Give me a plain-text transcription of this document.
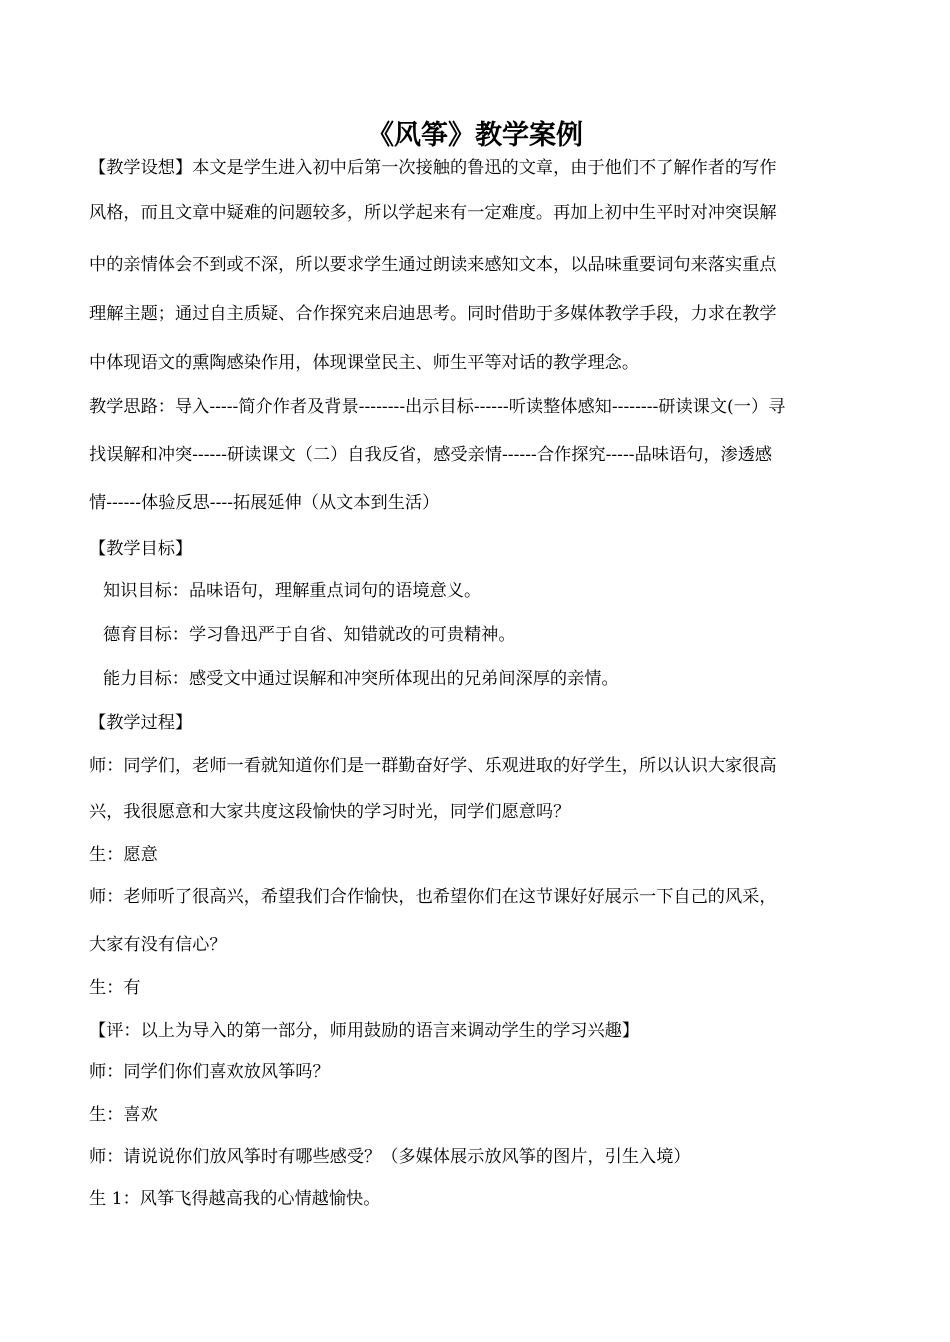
《风筝》教学案例
【教学设想】本文是学生进入初中后第一次接触的鲁迅的文章，由于他们不了解作者的写作
风格，而且文章中疑难的问题较多，所以学起来有一定难度。再加上初中生平时对冲突误解
中的亲情体会不到或不深，所以要求学生通过朗读来感知文本，以品味重要词句来落实重点
理解主题；通过自主质疑、合作探究来启迪思考。同时借助于多媒体教学手段，力求在教学
中体现语文的熏陶感染作用，体现课堂民主、师生平等对话的教学理念。
教学思路：导入-----简介作者及背景--------出示目标------听读整体感知--------研读课文(一）寻
找误解和冲突------研读课文（二）自我反省，感受亲情------合作探究-----品味语句，渗透感
情------体验反思----拓展延伸（从文本到生活）
【教学目标】
知识目标：品味语句，理解重点词句的语境意义。
德育目标：学习鲁迅严于自省、知错就改的可贵精神。
能力目标：感受文中通过误解和冲突所体现出的兄弟间深厚的亲情。
【教学过程】
师：同学们，老师一看就知道你们是一群勤奋好学、乐观进取的好学生，所以认识大家很高
兴，我很愿意和大家共度这段愉快的学习时光，同学们愿意吗？
生：愿意
师：老师听了很高兴，希望我们合作愉快，也希望你们在这节课好好展示一下自己的风采，
大家有没有信心？
生：有
【评：以上为导入的第一部分，师用鼓励的语言来调动学生的学习兴趣】
师：同学们你们喜欢放风筝吗？
生：喜欢
师：请说说你们放风筝时有哪些感受？（多媒体展示放风筝的图片，引生入境）
生 1：风筝飞得越高我的心情越愉快。
